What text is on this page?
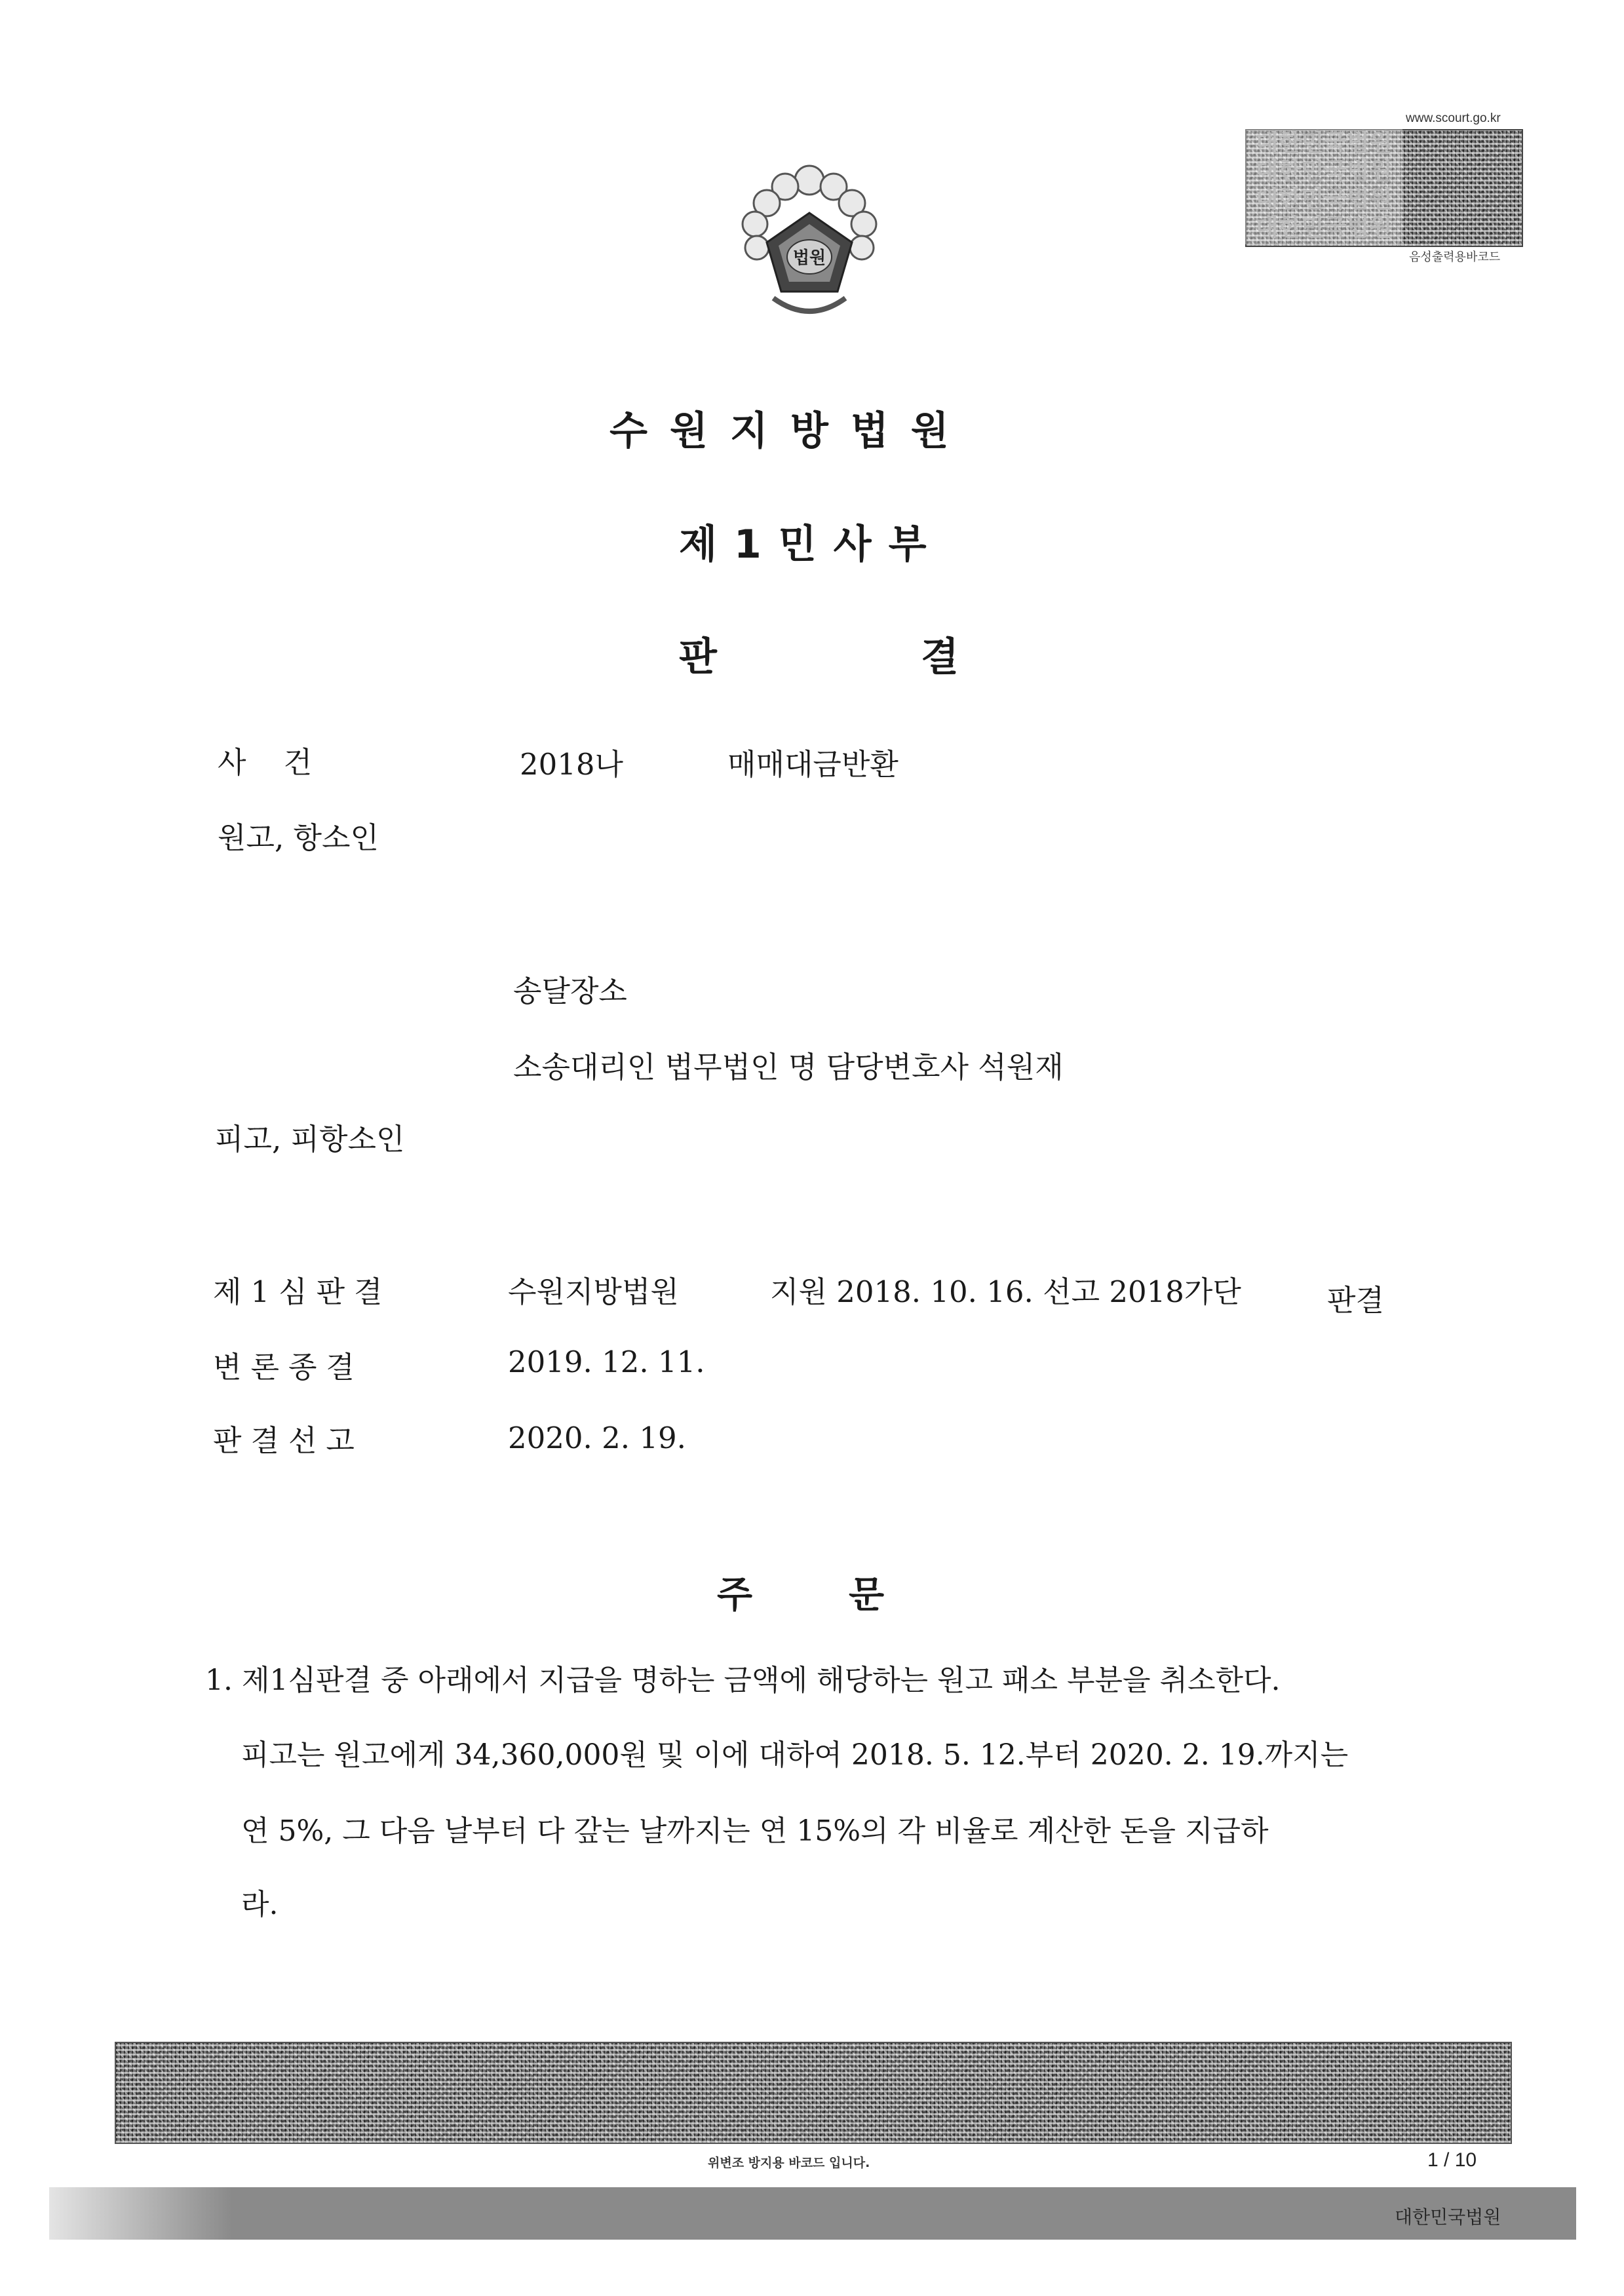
법원
www.scourt.go.kr
대한민국법원
대한민국법원
대한민국법원
대한민국법원
음성출력용바코드
수원지방법원
제1민사부
판	결
사    건	2018나	매매대금반환
원고, 항소인
송달장소
소송대리인 법무법인 명 담당변호사 석원재
피고, 피항소인
제1심판결	수원지방법원	지원 2018. 10. 16. 선고 2018가단	판결
변론종결	2019. 12. 11.
판결선고	2020. 2. 19.
주	문
1. 제1심판결 중 아래에서 지급을 명하는 금액에 해당하는 원고 패소 부분을 취소한다.
피고는 원고에게 34,360,000원 및 이에 대하여 2018. 5. 12.부터 2020. 2. 19.까지는
연 5%, 그 다음 날부터 다 갚는 날까지는 연 15%의 각 비율로 계산한 돈을 지급하
라.
위변조 방지용 바코드 입니다.	1 / 10
대한민국법원
